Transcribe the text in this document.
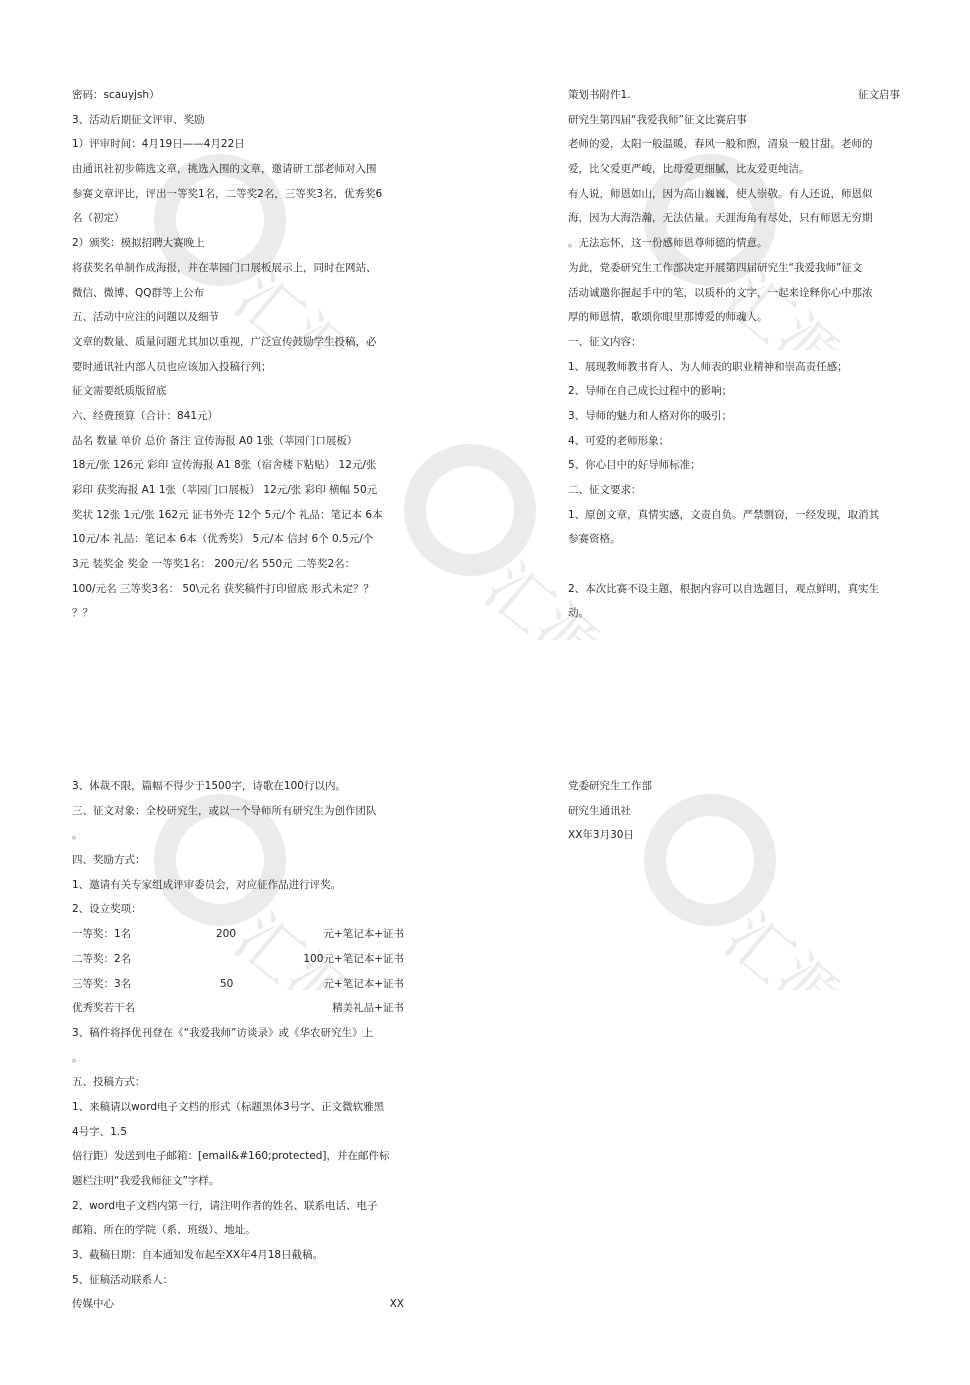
汇源	汇源
汇源
汇源	汇源
密码：scauyjsh）
3、活动后期征文评审、奖励
1）评审时间：4月19日——4月22日
由通讯社初步筛选文章，挑选入围的文章，邀请研工部老师对入围
参赛文章评比，评出一等奖1名，二等奖2名，三等奖3名，优秀奖6
名（初定）
2）颁奖：模拟招聘大赛晚上
将获奖名单制作成海报，并在莘园门口展板展示上，同时在网站、
微信、微博、QQ群等上公布
五、活动中应注的问题以及细节
文章的数量、质量问题尤其加以重视，广泛宣传鼓励学生投稿，必
要时通讯社内部人员也应该加入投稿行列；
征文需要纸质版留底
六、经费预算（合计：841元）
品名 数量 单价 总价 备注 宣传海报 A0 1张（莘园门口展板）
18元/张 126元 彩印 宣传海报 A1 8张（宿舍楼下粘贴） 12元/张
彩印 获奖海报 A1 1张（莘园门口展板） 12元/张 彩印 横幅 50元
奖状 12张 1元/张 162元 证书外壳 12个 5元/个 礼品：笔记本 6本
10元/本 礼品：笔记本 6本（优秀奖） 5元/本 信封 6个 0.5元/个
3元 装奖金 奖金 一等奖1名： 200元/名 550元 二等奖2名：
100/元名 三等奖3名： 50\元名 获奖稿件打印留底 形式未定？？
？？
策划书附件1.	征文启事
研究生第四届“我爱我师”征文比赛启事
老师的爱，太阳一般温暖，春风一般和煦，清泉一般甘甜。老师的
爱，比父爱更严峻，比母爱更细腻，比友爱更纯洁。
有人说，师恩如山，因为高山巍巍，使人崇敬。有人还说，师恩似
海，因为大海浩瀚，无法估量。天涯海角有尽处，只有师恩无穷期
。无法忘怀，这一份感师恩尊师德的情意。
为此，党委研究生工作部决定开展第四届研究生“我爱我师”征文
活动诚邀你握起手中的笔，以质朴的文字，一起来诠释你心中那浓
厚的师恩情，歌颂你眼里那博爱的师魂人。
一、征文内容：
1、展现教师教书育人、为人师表的职业精神和崇高责任感；
2、导师在自己成长过程中的影响；
3、导师的魅力和人格对你的吸引；
4、可爱的老师形象；
5、你心目中的好导师标准；
二、征文要求：
1、原创文章，真情实感，文责自负。严禁剽窃，一经发现，取消其
参赛资格。
2、本次比赛不设主题，根据内容可以自选题目，观点鲜明，真实生
动。
3、体裁不限，篇幅不得少于1500字，诗歌在100行以内。
三、征文对象：全校研究生，或以一个导师所有研究生为创作团队
。
四、奖励方式：
1、邀请有关专家组成评审委员会，对应征作品进行评奖。
2、设立奖项：
一等奖：1名	200	元+笔记本+证书
二等奖：2名	100元+笔记本+证书
三等奖：3名	50	元+笔记本+证书
优秀奖若干名	精美礼品+证书
3、稿件将择优刊登在《“我爱我师”访谈录》或《华农研究生》上
。
五、投稿方式：
1、来稿请以word电子文档的形式（标题黑体3号字、正文微软雅黑
4号字、1.5
倍行距）发送到电子邮箱：[email&#160;protected]，并在邮件标
题栏注明“我爱我师征文”字样。
2、word电子文档内第一行，请注明作者的姓名、联系电话、电子
邮箱、所在的学院（系、班级）、地址。
3、截稿日期：自本通知发布起至XX年4月18日截稿。
5、征稿活动联系人：
传媒中心	XX
党委研究生工作部
研究生通讯社
XX年3月30日
